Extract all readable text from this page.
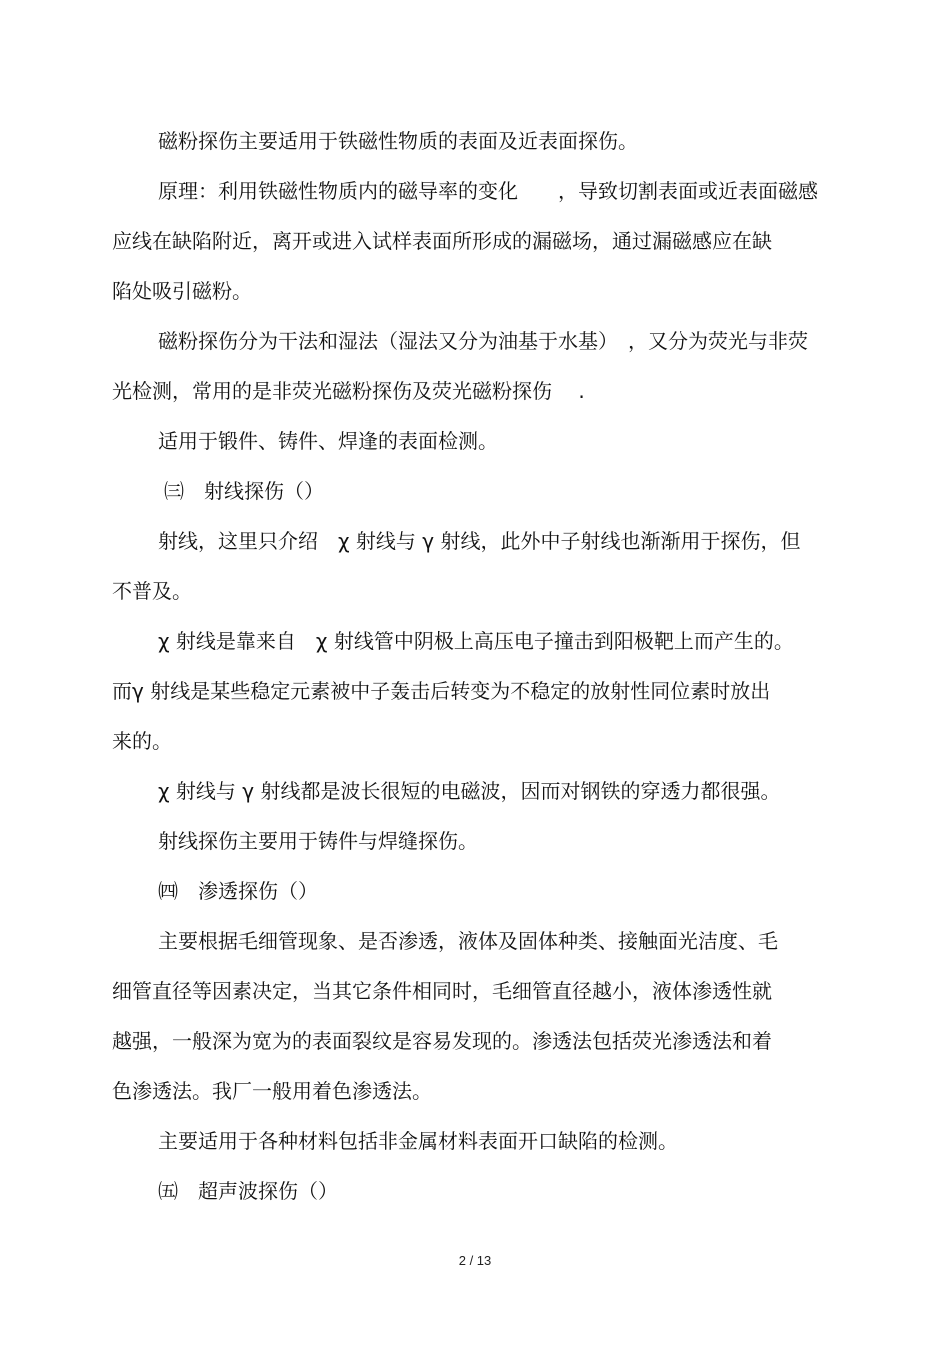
磁粉探伤主要适用于铁磁性物质的表面及近表面探伤。

原理：利用铁磁性物质内的磁导率的变化　　，导致切割表面或近表面磁感

应线在缺陷附近，离开或进入试样表面所形成的漏磁场，通过漏磁感应在缺

陷处吸引磁粉。

磁粉探伤分为干法和湿法（湿法又分为油基于水基）　，又分为荧光与非荧

光检测，常用的是非荧光磁粉探伤及荧光磁粉探伤　 .

适用于锻件、铸件、焊逢的表面检测。

㈢　射线探伤（）

射线，这里只介绍　χ 射线与 γ 射线，此外中子射线也渐渐用于探伤，但

不普及。

χ 射线是靠来自　χ 射线管中阴极上高压电子撞击到阳极靶上而产生的。

而γ 射线是某些稳定元素被中子轰击后转变为不稳定的放射性同位素时放出

来的。

χ 射线与 γ 射线都是波长很短的电磁波，因而对钢铁的穿透力都很强。

射线探伤主要用于铸件与焊缝探伤。

㈣　渗透探伤（）

主要根据毛细管现象、是否渗透，液体及固体种类、接触面光洁度、毛

细管直径等因素决定，当其它条件相同时，毛细管直径越小，液体渗透性就

越强，一般深为宽为的表面裂纹是容易发现的。渗透法包括荧光渗透法和着

色渗透法。我厂一般用着色渗透法。

主要适用于各种材料包括非金属材料表面开口缺陷的检测。

㈤　超声波探伤（）

2 / 13
